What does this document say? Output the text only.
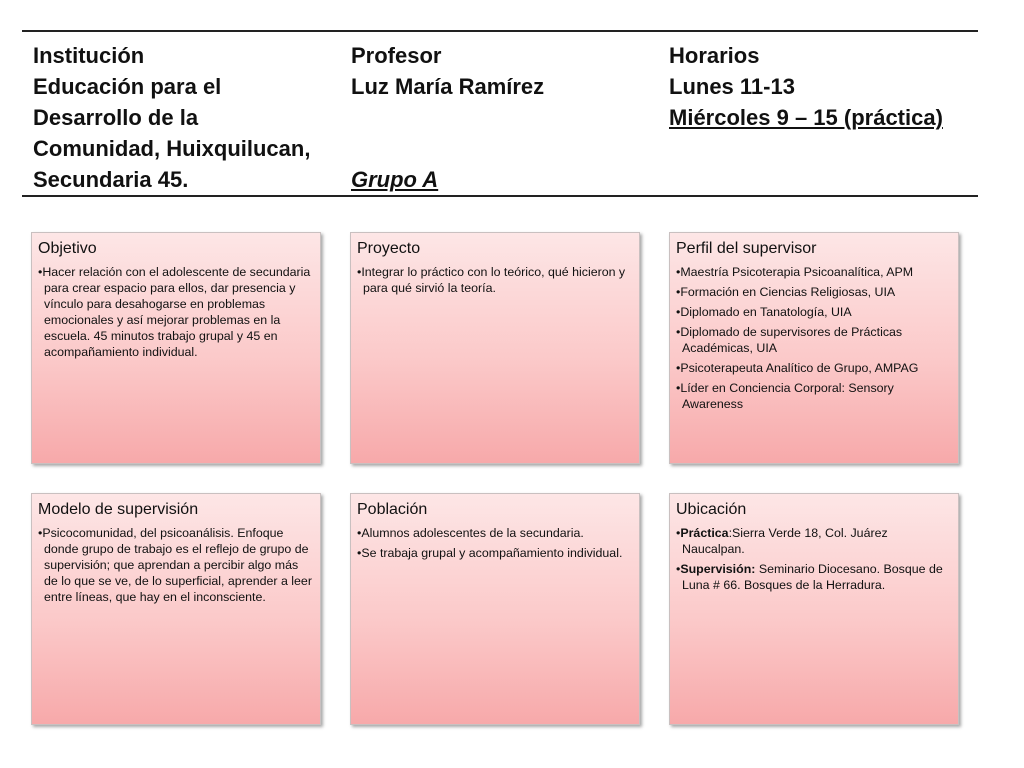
Institución
Educación para el
Desarrollo de la
Comunidad, Huixquilucan,
Secundaria 45.
Profesor
Luz María Ramírez
Grupo A
Horarios
Lunes 11-13
Miércoles 9 – 15 (práctica)
Objetivo
• Hacer relación con el adolescente de secundaria para crear espacio para ellos, dar presencia y vínculo para desahogarse en problemas emocionales y así mejorar problemas en la escuela. 45 minutos trabajo grupal y 45 en acompañamiento individual.
Proyecto
• Integrar lo práctico con lo teórico, qué hicieron y para qué sirvió la teoría.
Perfil del supervisor
• Maestría Psicoterapia Psicoanalítica, APM
• Formación en Ciencias Religiosas, UIA
• Diplomado en Tanatología, UIA
• Diplomado de supervisores de Prácticas Académicas, UIA
• Psicoterapeuta Analítico de Grupo, AMPAG
• Líder en Conciencia Corporal: Sensory Awareness
Modelo de supervisión
• Psicocomunidad, del psicoanálisis. Enfoque donde grupo de trabajo es el reflejo de grupo de supervisión; que aprendan a percibir algo más de lo que se ve, de lo superficial, aprender a leer entre líneas, que hay en el inconsciente.
Población
• Alumnos adolescentes de la secundaria.
• Se trabaja grupal y acompañamiento individual.
Ubicación
• Práctica:Sierra Verde 18, Col. Juárez Naucalpan.
• Supervisión: Seminario Diocesano. Bosque de Luna # 66. Bosques de la Herradura.
